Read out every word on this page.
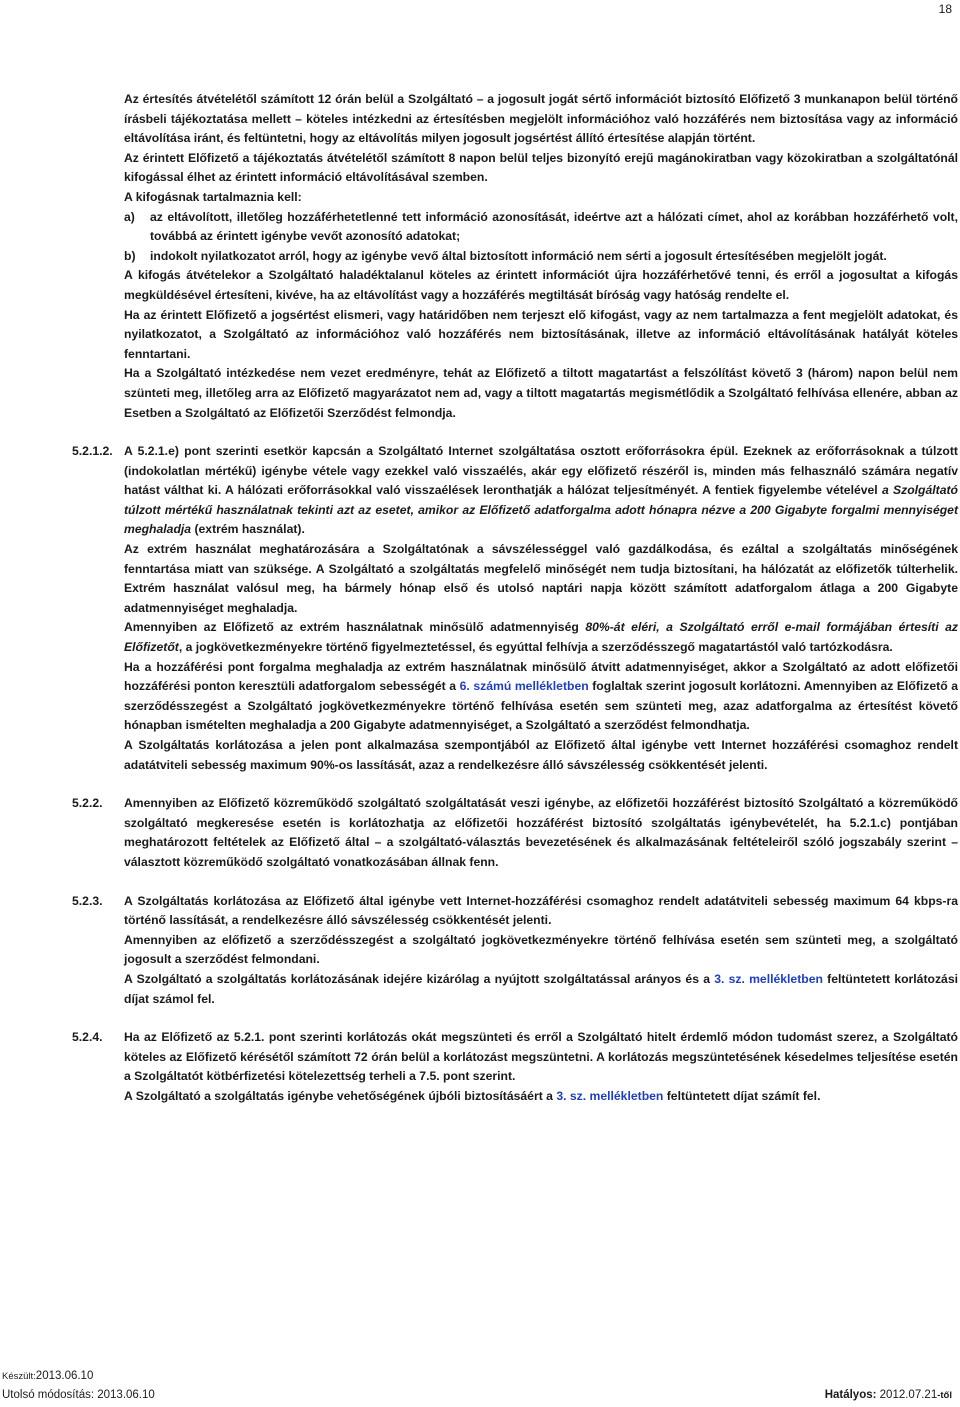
18

Az értesítés átvételétől számított 12 órán belül a Szolgáltató – a jogosult jogát sértő információt biztosító Előfizető 3 munkanapon belül történő írásbeli tájékoztatása mellett – köteles intézkedni az értesítésben megjelölt információhoz való hozzáférés nem biztosítása vagy az információ eltávolítása iránt, és feltüntetni, hogy az eltávolítás milyen jogosult jogsértést állító értesítése alapján történt.

Az érintett Előfizető a tájékoztatás átvételétől számított 8 napon belül teljes bizonyító erejű magánokiratban vagy közokiratban a szolgáltatónál kifogással élhet az érintett információ eltávolításával szemben.

A kifogásnak tartalmaznia kell:

a)	az eltávolított, illetőleg hozzáférhetetlenné tett információ azonosítását, ideértve azt a hálózati címet, ahol az korábban hozzáférhető volt, továbbá az érintett igénybe vevőt azonosító adatokat;
b)	indokolt nyilatkozatot arról, hogy az igénybe vevő által biztosított információ nem sérti a jogosult értesítésében megjelölt jogát.

A kifogás átvételekor a Szolgáltató haladéktalanul köteles az érintett információt újra hozzáférhetővé tenni, és erről a jogosultat a kifogás megküldésével értesíteni, kivéve, ha az eltávolítást vagy a hozzáférés megtiltását bíróság vagy hatóság rendelte el.

Ha az érintett Előfizető a jogsértést elismeri, vagy határidőben nem terjeszt elő kifogást, vagy az nem tartalmazza a fent megjelölt adatokat, és nyilatkozatot, a Szolgáltató az információhoz való hozzáférés nem biztosításának, illetve az információ eltávolításának hatályát köteles fenntartani.

Ha a Szolgáltató intézkedése nem vezet eredményre, tehát az Előfizető a tiltott magatartást a felszólítást követő 3 (három) napon belül nem szünteti meg, illetőleg arra az Előfizető magyarázatot nem ad, vagy a tiltott magatartás megismétlődik a Szolgáltató felhívása ellenére, abban az Esetben a Szolgáltató az Előfizetői Szerződést felmondja.

5.2.1.2. A 5.2.1.e) pont szerinti esetkör kapcsán a Szolgáltató Internet szolgáltatása osztott erőforrásokra épül. Ezeknek az erőforrásoknak a túlzott (indokolatlan mértékű) igénybe vétele vagy ezekkel való visszaélés, akár egy előfizető részéről is, minden más felhasználó számára negatív hatást válthat ki. A hálózati erőforrásokkal való visszaélések leronthatják a hálózat teljesítményét. A fentiek figyelembe vételével a Szolgáltató túlzott mértékű használatnak tekinti azt az esetet, amikor az Előfizető adatforgalma adott hónapra nézve a 200 Gigabyte forgalmi mennyiséget meghaladja (extrém használat).

Az extrém használat meghatározására a Szolgáltatónak a sávszélességgel való gazdálkodása, és ezáltal a szolgáltatás minőségének fenntartása miatt van szüksége. A Szolgáltató a szolgáltatás megfelelő minőségét nem tudja biztosítani, ha hálózatát az előfizetők túlterhelik. Extrém használat valósul meg, ha bármely hónap első és utolsó naptári napja között számított adatforgalom átlaga a 200 Gigabyte adatmennyiséget meghaladja.

Amennyiben az Előfizető az extrém használatnak minősülő adatmennyiség 80%-át eléri, a Szolgáltató erről e-mail formájában értesíti az Előfizetőt, a jogkövetkezményekre történő figyelmeztetéssel, és egyúttal felhívja a szerződésszegő magatartástól való tartózkodásra.

Ha a hozzáférési pont forgalma meghaladja az extrém használatnak minősülő átvitt adatmennyiséget, akkor a Szolgáltató az adott előfizetői hozzáférési ponton keresztüli adatforgalom sebességét a 6. számú mellékletben foglaltak szerint jogosult korlátozni. Amennyiben az Előfizető a szerződésszegést a Szolgáltató jogkövetkezményekre történő felhívása esetén sem szünteti meg, azaz adatforgalma az értesítést követő hónapban ismételten meghaladja a 200 Gigabyte adatmennyiséget, a Szolgáltató a szerződést felmondhatja.

A Szolgáltatás korlátozása a jelen pont alkalmazása szempontjából az Előfizető által igénybe vett Internet hozzáférési csomaghoz rendelt adatátviteli sebesség maximum 90%-os lassítását, azaz a rendelkezésre álló sávszélesség csökkentését jelenti.

5.2.2. Amennyiben az Előfizető közreműködő szolgáltató szolgáltatását veszi igénybe, az előfizetői hozzáférést biztosító Szolgáltató a közreműködő szolgáltató megkeresése esetén is korlátozhatja az előfizetői hozzáférést biztosító szolgáltatás igénybevételét, ha 5.2.1.c) pontjában meghatározott feltételek az Előfizető által – a szolgáltató-választás bevezetésének és alkalmazásának feltételeiről szóló jogszabály szerint – választott közreműködő szolgáltató vonatkozásában állnak fenn.

5.2.3. A Szolgáltatás korlátozása az Előfizető által igénybe vett Internet-hozzáférési csomaghoz rendelt adatátviteli sebesség maximum 64 kbps-ra történő lassítását, a rendelkezésre álló sávszélesség csökkentését jelenti.

Amennyiben az előfizető a szerződésszegést a szolgáltató jogkövetkezményekre történő felhívása esetén sem szünteti meg, a szolgáltató jogosult a szerződést felmondani.

A Szolgáltató a szolgáltatás korlátozásának idejére kizárólag a nyújtott szolgáltatással arányos és a 3. sz. mellékletben feltüntetett korlátozási díjat számol fel.

5.2.4. Ha az Előfizető az 5.2.1. pont szerinti korlátozás okát megszünteti és erről a Szolgáltató hitelt érdemlő módon tudomást szerez, a Szolgáltató köteles az Előfizető kérésétől számított 72 órán belül a korlátozást megszüntetni. A korlátozás megszüntetésének késedelmes teljesítése esetén a Szolgáltatót kötbérfizetési kötelezettség terheli a 7.5. pont szerint.

A Szolgáltató a szolgáltatás igénybe vehetőségének újbóli biztosításáért a 3. sz. mellékletben feltüntetett díjat számít fel.

Készült:2013.06.10
Utolsó módosítás: 2013.06.10	Hatályos: 2012.07.21-től
